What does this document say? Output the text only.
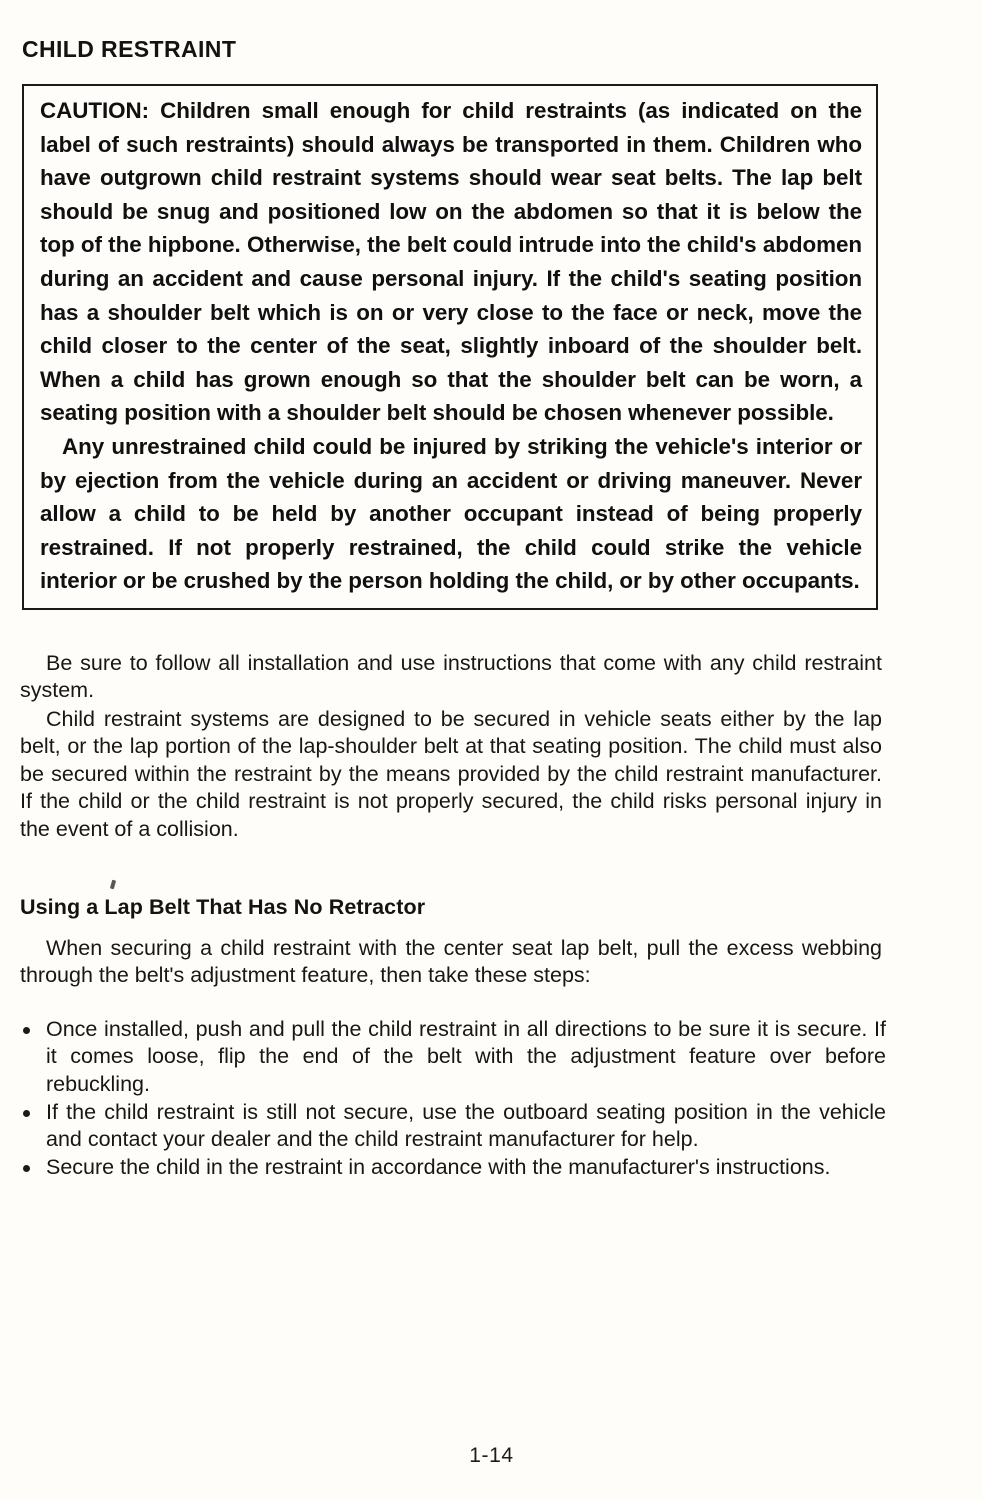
CHILD RESTRAINT

CAUTION: Children small enough for child restraints (as indicated on the label of such restraints) should always be transported in them. Children who have outgrown child restraint systems should wear seat belts. The lap belt should be snug and positioned low on the abdomen so that it is below the top of the hipbone. Otherwise, the belt could intrude into the child's abdomen during an accident and cause personal injury. If the child's seating position has a shoulder belt which is on or very close to the face or neck, move the child closer to the center of the seat, slightly inboard of the shoulder belt. When a child has grown enough so that the shoulder belt can be worn, a seating position with a shoulder belt should be chosen whenever possible.

Any unrestrained child could be injured by striking the vehicle's interior or by ejection from the vehicle during an accident or driving maneuver. Never allow a child to be held by another occupant instead of being properly restrained. If not properly restrained, the child could strike the vehicle interior or be crushed by the person holding the child, or by other occupants.

Be sure to follow all installation and use instructions that come with any child restraint system.

Child restraint systems are designed to be secured in vehicle seats either by the lap belt, or the lap portion of the lap-shoulder belt at that seating position. The child must also be secured within the restraint by the means provided by the child restraint manufacturer. If the child or the child restraint is not properly secured, the child risks personal injury in the event of a collision.

Using a Lap Belt That Has No Retractor

When securing a child restraint with the center seat lap belt, pull the excess webbing through the belt's adjustment feature, then take these steps:

Once installed, push and pull the child restraint in all directions to be sure it is secure. If it comes loose, flip the end of the belt with the adjustment feature over before rebuckling.
If the child restraint is still not secure, use the outboard seating position in the vehicle and contact your dealer and the child restraint manufacturer for help.
Secure the child in the restraint in accordance with the manufacturer's instructions.
1-14
